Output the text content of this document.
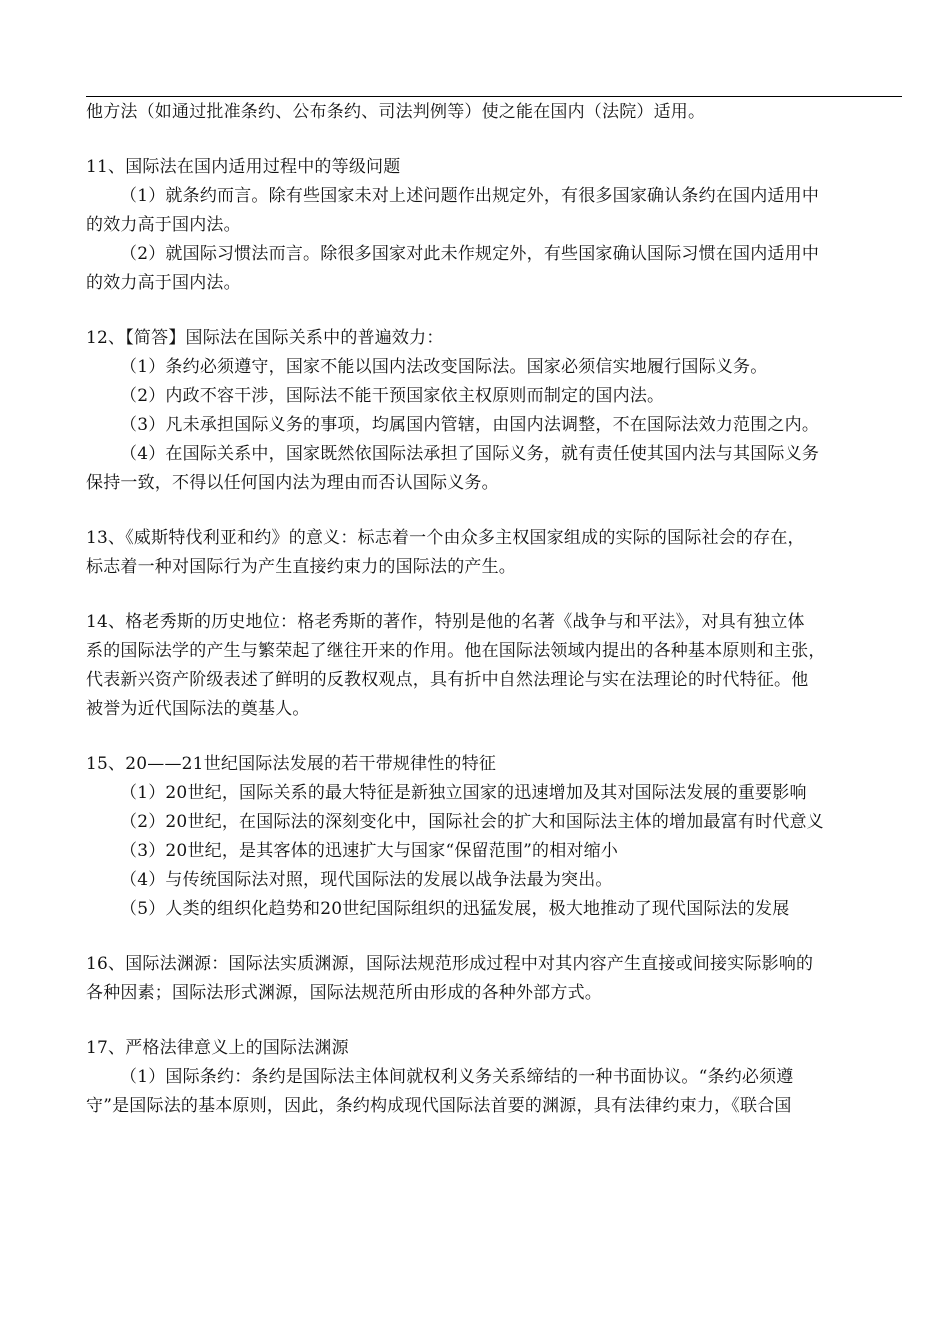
他方法（如通过批准条约、公布条约、司法判例等）使之能在国内（法院）适用。
11、国际法在国内适用过程中的等级问题
（1）就条约而言。除有些国家未对上述问题作出规定外，有很多国家确认条约在国内适用中
的效力高于国内法。
（2）就国际习惯法而言。除很多国家对此未作规定外，有些国家确认国际习惯在国内适用中
的效力高于国内法。
12、【简答】国际法在国际关系中的普遍效力：
（1）条约必须遵守，国家不能以国内法改变国际法。国家必须信实地履行国际义务。
（2）内政不容干涉，国际法不能干预国家依主权原则而制定的国内法。
（3）凡未承担国际义务的事项，均属国内管辖，由国内法调整，不在国际法效力范围之内。
（4）在国际关系中，国家既然依国际法承担了国际义务，就有责任使其国内法与其国际义务
保持一致，不得以任何国内法为理由而否认国际义务。
13、《威斯特伐利亚和约》的意义：标志着一个由众多主权国家组成的实际的国际社会的存在，
标志着一种对国际行为产生直接约束力的国际法的产生。
14、格老秀斯的历史地位：格老秀斯的著作，特别是他的名著《战争与和平法》，对具有独立体
系的国际法学的产生与繁荣起了继往开来的作用。他在国际法领域内提出的各种基本原则和主张，
代表新兴资产阶级表述了鲜明的反教权观点，具有折中自然法理论与实在法理论的时代特征。他
被誉为近代国际法的奠基人。
15、20——21世纪国际法发展的若干带规律性的特征
（1）20世纪，国际关系的最大特征是新独立国家的迅速增加及其对国际法发展的重要影响
（2）20世纪，在国际法的深刻变化中，国际社会的扩大和国际法主体的增加最富有时代意义
（3）20世纪，是其客体的迅速扩大与国家“保留范围”的相对缩小
（4）与传统国际法对照，现代国际法的发展以战争法最为突出。
（5）人类的组织化趋势和20世纪国际组织的迅猛发展，极大地推动了现代国际法的发展
16、国际法渊源：国际法实质渊源，国际法规范形成过程中对其内容产生直接或间接实际影响的
各种因素；国际法形式渊源，国际法规范所由形成的各种外部方式。
17、严格法律意义上的国际法渊源
（1）国际条约：条约是国际法主体间就权利义务关系缔结的一种书面协议。“条约必须遵
守”是国际法的基本原则，因此，条约构成现代国际法首要的渊源，具有法律约束力，《联合国
